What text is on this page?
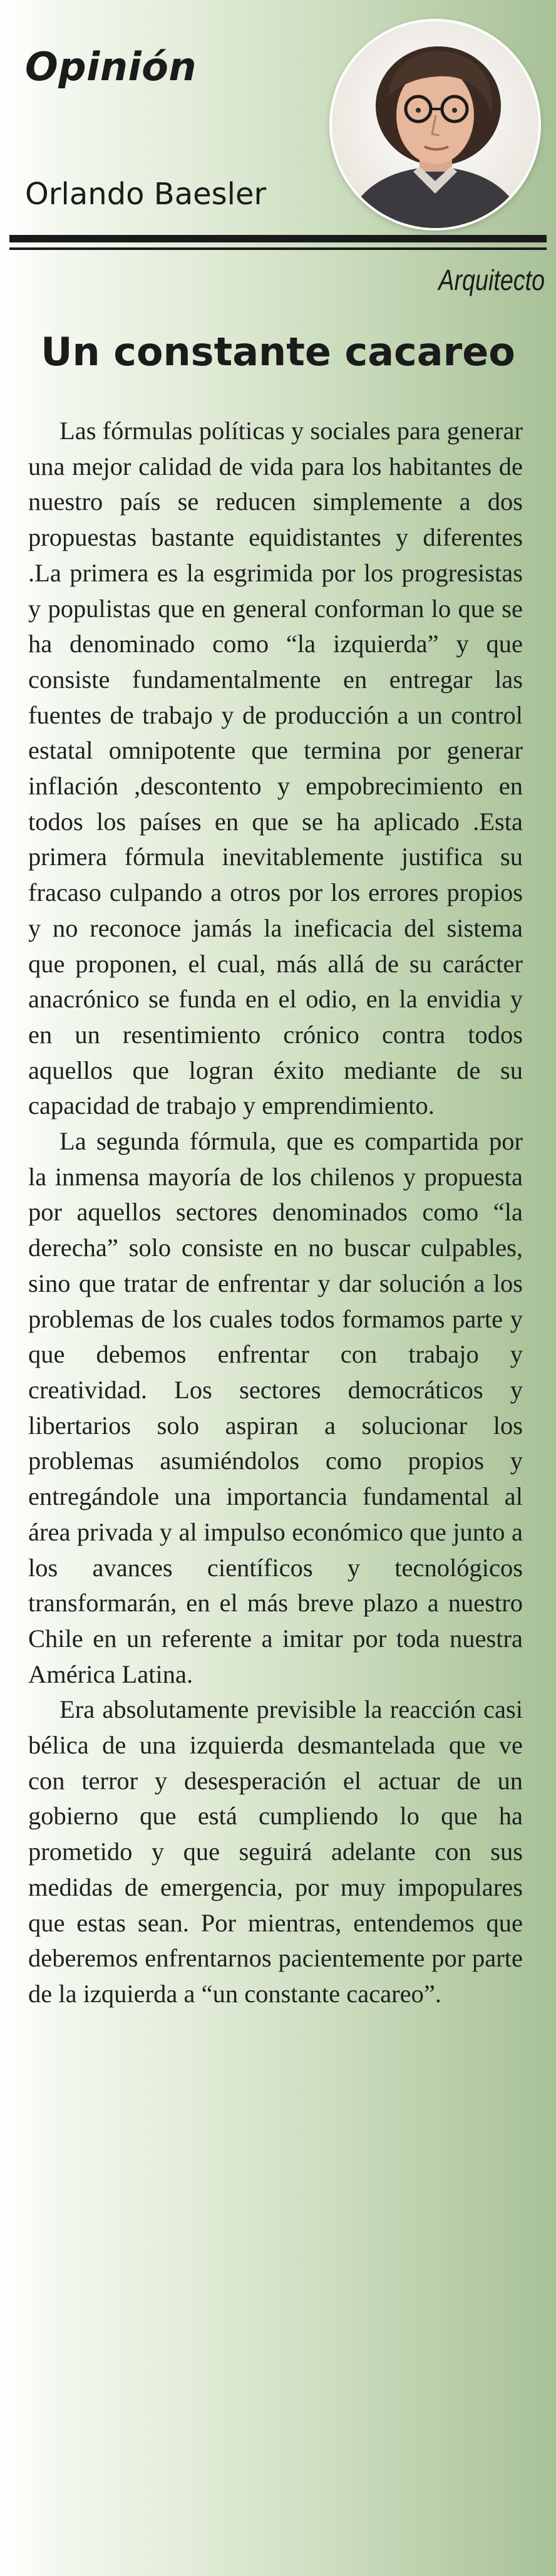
Opinión
Orlando Baesler
Arquitecto
Un constante cacareo

Las fórmulas políticas y sociales para generar una mejor calidad de vida para los habitantes de nuestro país se reducen simplemente a dos propuestas bastante equidistantes y diferentes .La primera es la esgrimida por los progresistas y populistas que en general conforman lo que se ha denominado como “la izquierda” y que consiste fundamentalmente en entregar las fuentes de trabajo y de producción a un control estatal omnipotente que termina por generar inflación ,descontento y empobrecimiento en todos los países en que se ha aplicado .Esta primera fórmula inevitablemente justifica su fracaso culpando a otros por los errores propios y no reconoce jamás la ineficacia del sistema que proponen, el cual, más allá de su carácter anacrónico se funda en el odio, en la envidia y en un resentimiento crónico contra todos aquellos que logran éxito mediante de su capacidad de trabajo y emprendimiento.

La segunda fórmula, que es compartida por la inmensa mayoría de los chilenos y propuesta por aquellos sectores denominados como “la derecha” solo consiste en no buscar culpables, sino que tratar de enfrentar y dar solución a los problemas de los cuales todos formamos parte y que debemos enfrentar con trabajo y creatividad. Los sectores democráticos y libertarios solo aspiran a solucionar los problemas asumiéndolos como propios y entregándole una importancia fundamental al área privada y al impulso económico que junto a los avances científicos y tecnológicos transformarán, en el más breve plazo a nuestro Chile en un referente a imitar por toda nuestra América Latina.

Era absolutamente previsible la reacción casi bélica de una izquierda desmantelada que ve con terror y desesperación el actuar de un gobierno que está cumpliendo lo que ha prometido y que seguirá adelante con sus medidas de emergencia, por muy impopulares que estas sean. Por mientras, entendemos que deberemos enfrentarnos pacientemente por parte de la izquierda a “un constante cacareo”.
